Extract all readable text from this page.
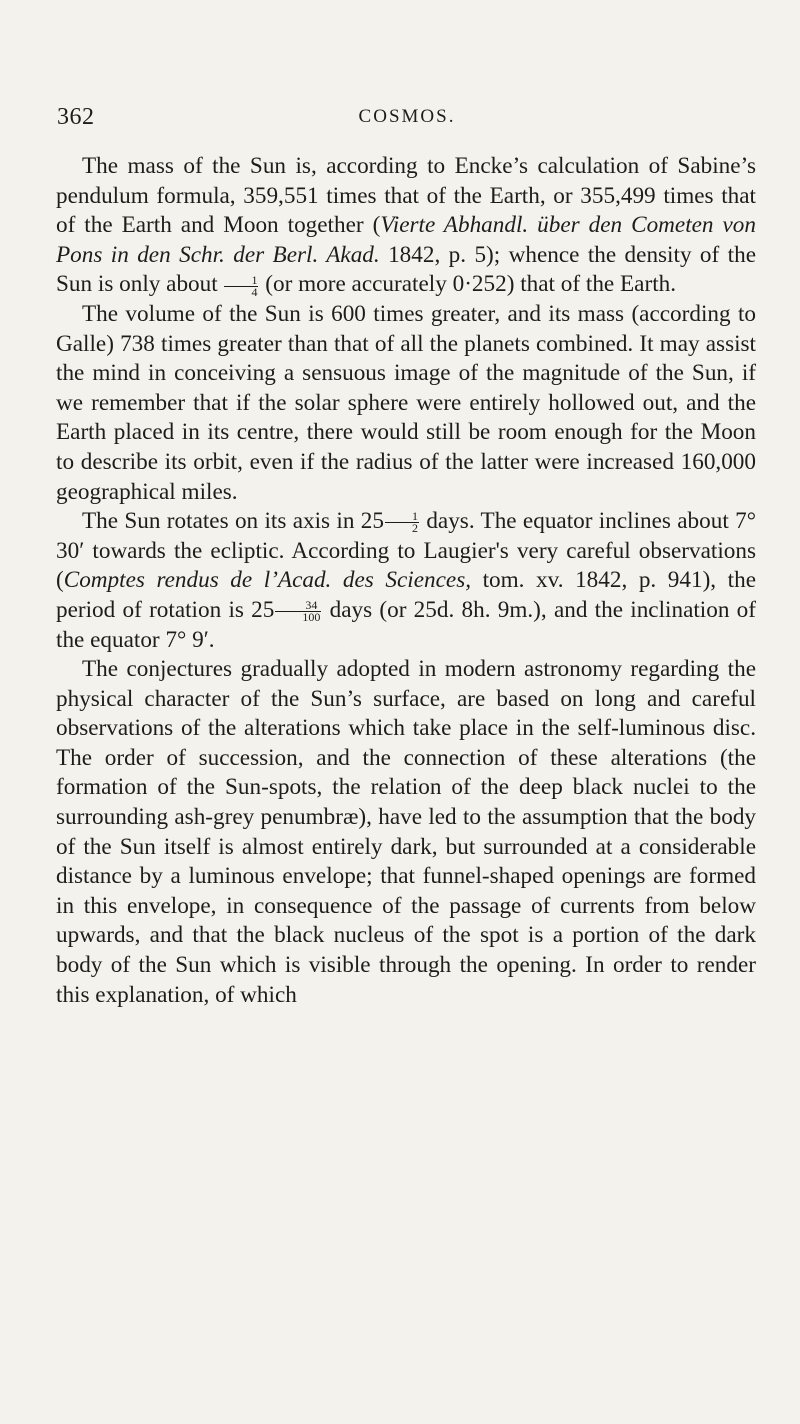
362	COSMOS.

The mass of the Sun is, according to Encke’s calculation of Sabine’s pendulum formula, 359,551 times that of the Earth, or 355,499 times that of the Earth and Moon together (Vierte Abhandl. über den Cometen von Pons in den Schr. der Berl. Akad. 1842, p. 5); whence the density of the Sun is only about $\frac{1}{4} (or$ more accurately 0·252) that of the Earth.

The volume of the Sun is 600 times greater, and its mass (according to Galle) 738 times greater than that of all the planets combined. It may assist the mind in conceiving a sensuous image of the magnitude of the Sun, if we remember that if the solar sphere were entirely hollowed out, and the Earth placed in its centre, there would still be room enough for the Moon to describe its orbit, even if the radius of the latter were increased 160,000 geographical miles.

The Sun rotates on its axis in $25 \frac{1}{2}$ days. The equator inclines about 7° 30′ towards the ecliptic. According to Laugier's very careful observations (Comptes rendus de l’Acad. des Sciences, tom. xv. 1842, p. 941), the period of rotation is $25 \frac{34}{100}$ days (or 25d. 8h. 9m.), and the inclination of the equator 7° 9′.

The conjectures gradually adopted in modern astronomy regarding the physical character of the Sun’s surface, are based on long and careful observations of the alterations which take place in the self-luminous disc. The order of succession, and the connection of these alterations (the formation of the Sun-spots, the relation of the deep black nuclei to the surrounding ash-grey penumbræ), have led to the assumption that the body of the Sun itself is almost entirely dark, but surrounded at a considerable distance by a luminous envelope; that funnel-shaped openings are formed in this envelope, in consequence of the passage of currents from below upwards, and that the black nucleus of the spot is a portion of the dark body of the Sun which is visible through the opening. In order to render this explanation, of which
